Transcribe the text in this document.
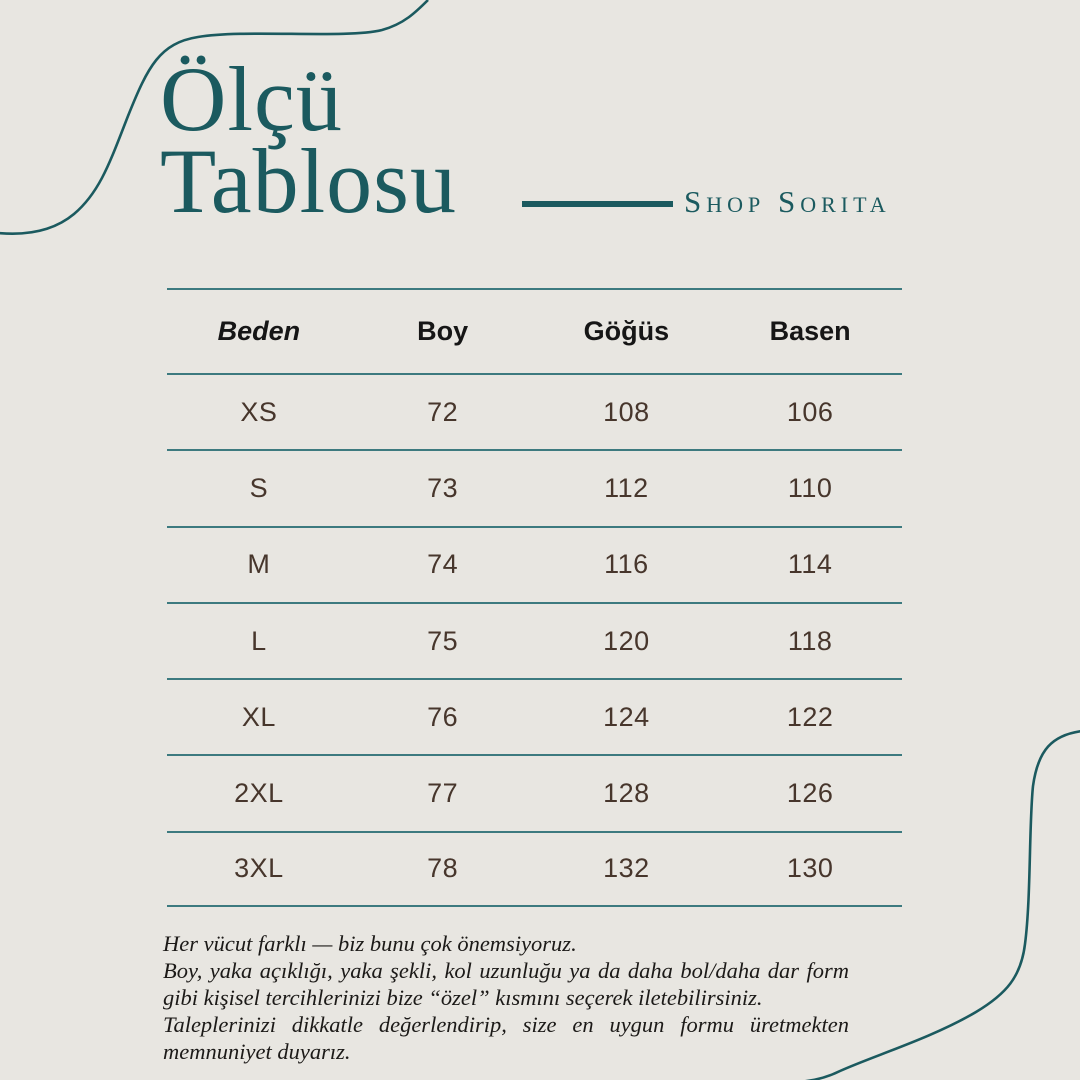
Ölçü
Tablosu	Shop Sorita
Beden	Boy	Göğüs	Basen
XS	72	108	106
S	73	112	110
M	74	116	114
L	75	120	118
XL	76	124	122
2XL	77	128	126
3XL	78	132	130

Her vücut farklı — biz bunu çok önemsiyoruz.

Boy, yaka açıklığı, yaka şekli, kol uzunluğu ya da daha bol/daha dar form gibi kişisel tercihlerinizi bize “özel” kısmını seçerek iletebilirsiniz.

Taleplerinizi dikkatle değerlendirip, size en uygun formu üretmekten memnuniyet duyarız.
